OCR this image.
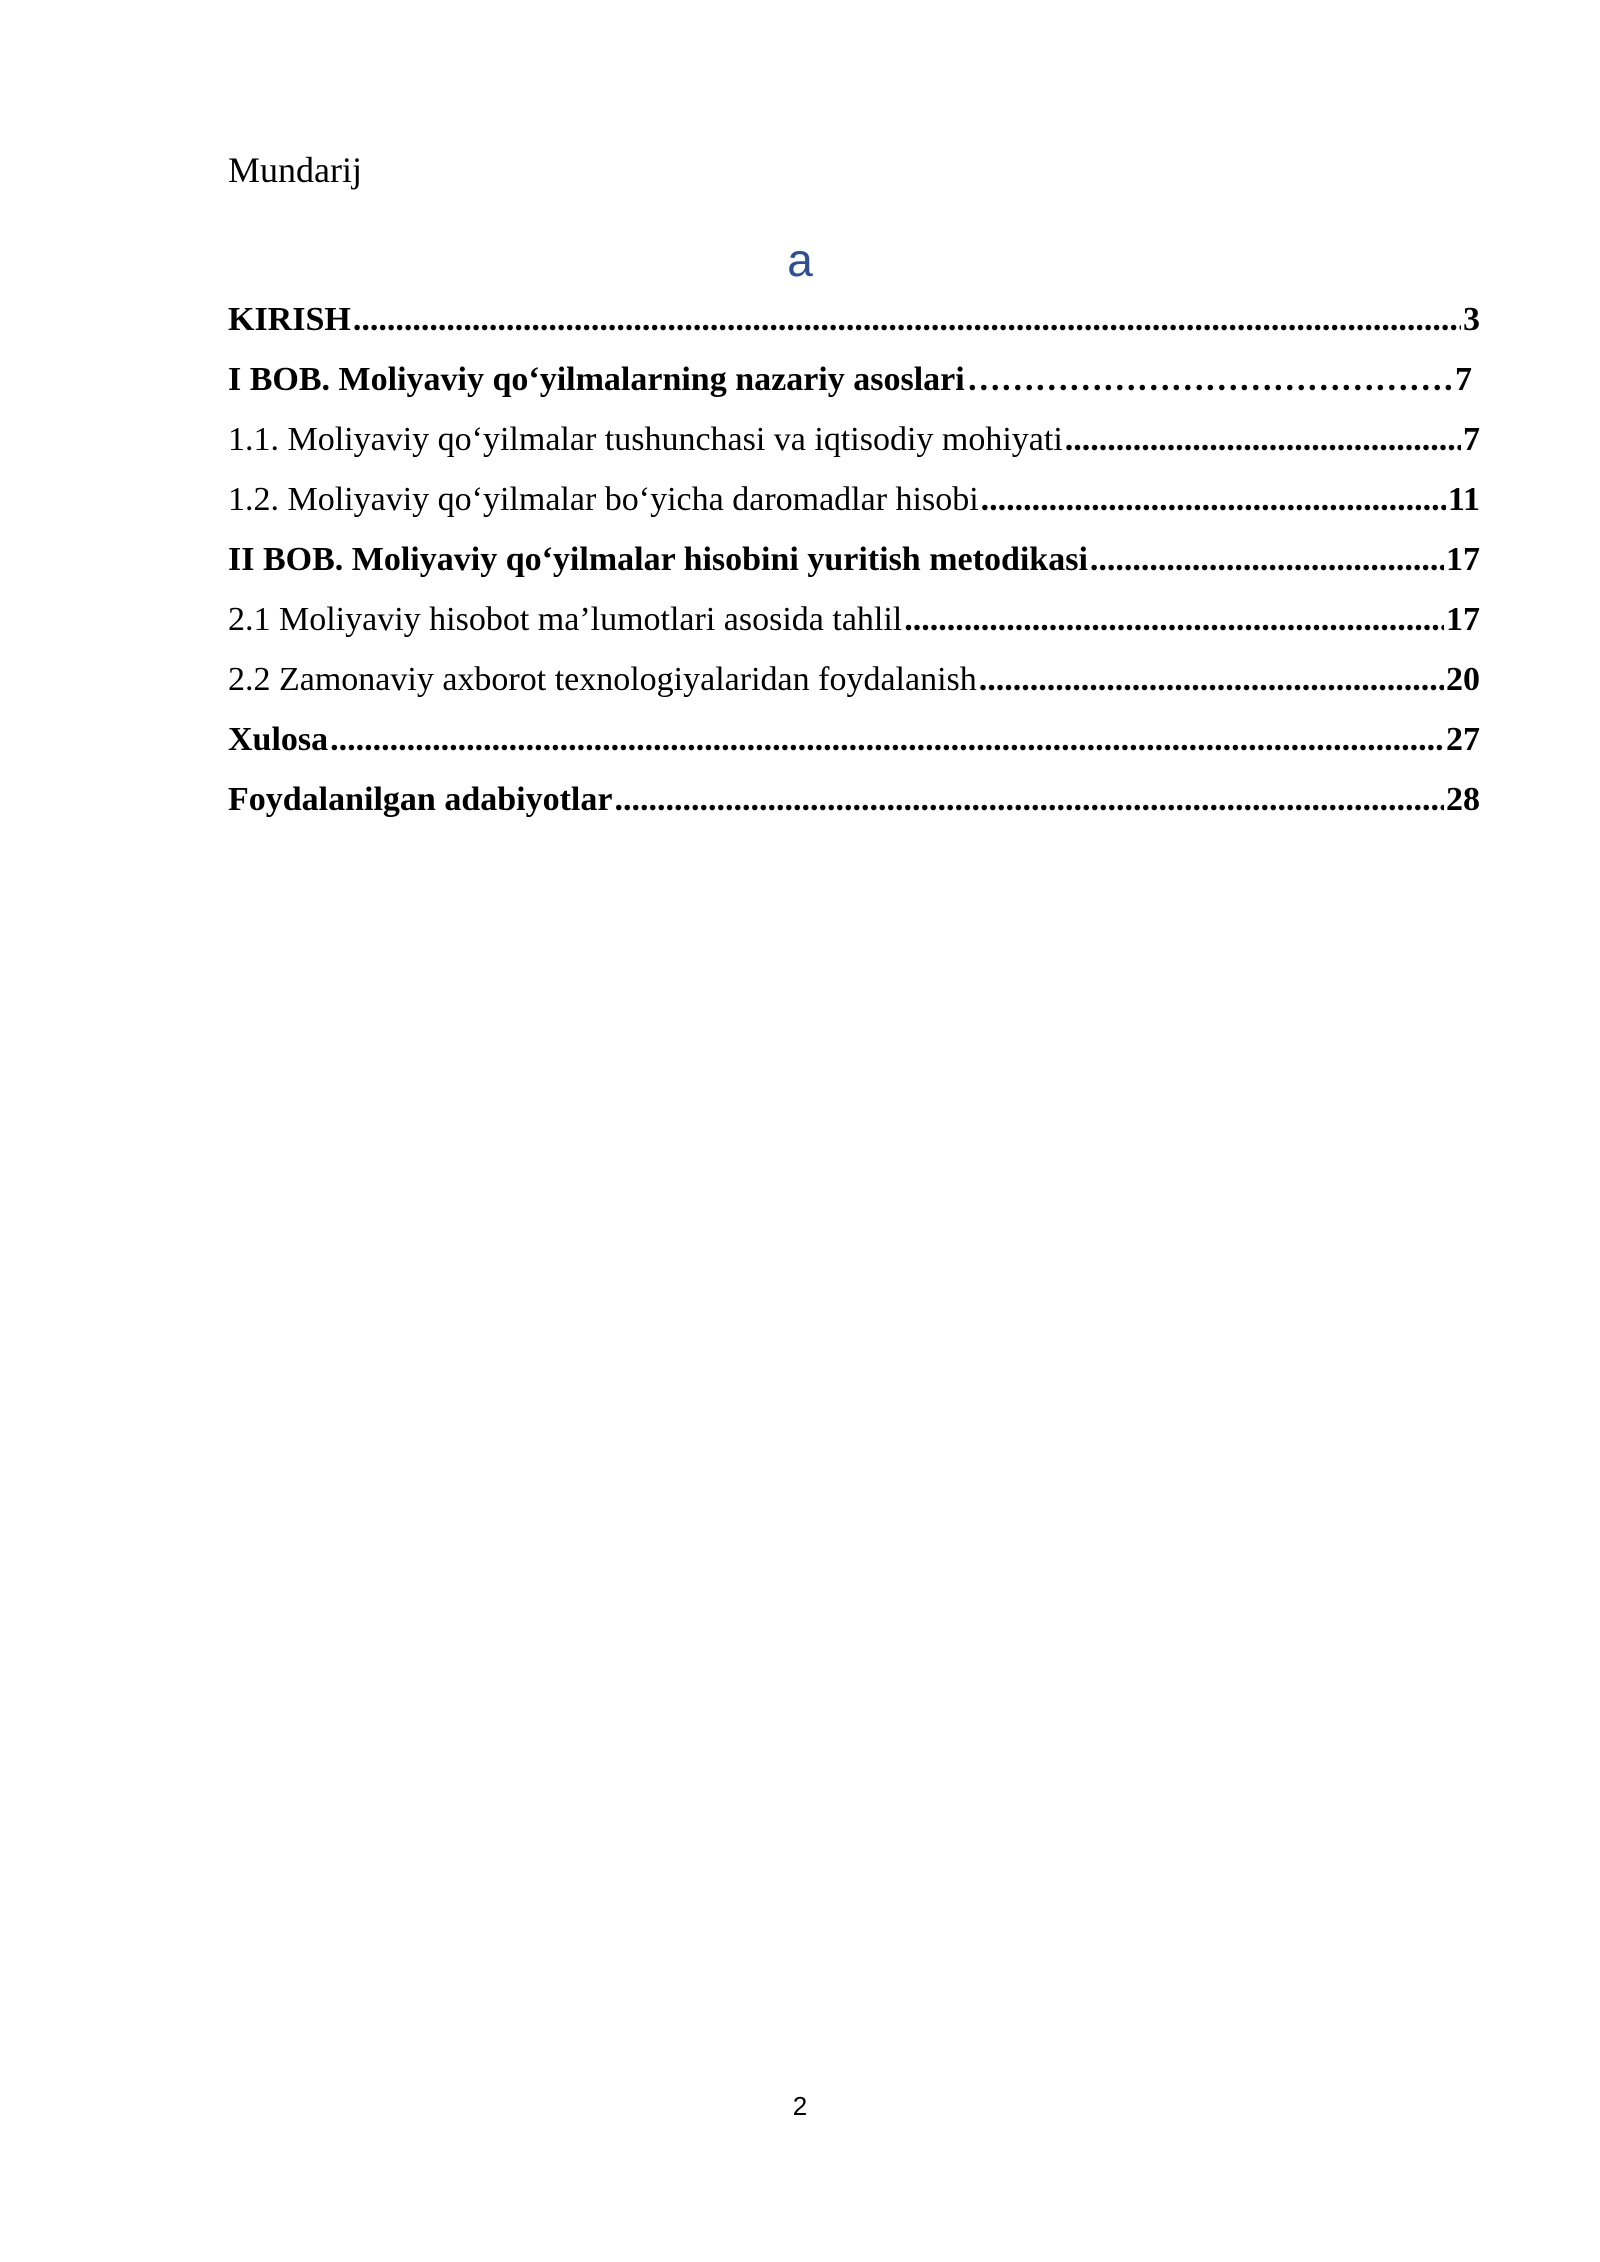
Mundarij
a
KIRISH .....	3
I BOB. Moliyaviy qo‘yilmalarning nazariy asoslari …………………………………………………………………………………………………………………	7
1.1. Moliyaviy qo‘yilmalar tushunchasi va iqtisodiy mohiyati .....	7
1.2. Moliyaviy qo‘yilmalar bo‘yicha daromadlar hisobi .....	11
II BOB. Moliyaviy qo‘yilmalar hisobini yuritish metodikasi .....	17
2.1 Moliyaviy hisobot ma’lumotlari asosida tahlil .....	17
2.2 Zamonaviy axborot texnologiyalaridan foydalanish .....	20
Xulosa .....	27
Foydalanilgan adabiyotlar .....	28
2
